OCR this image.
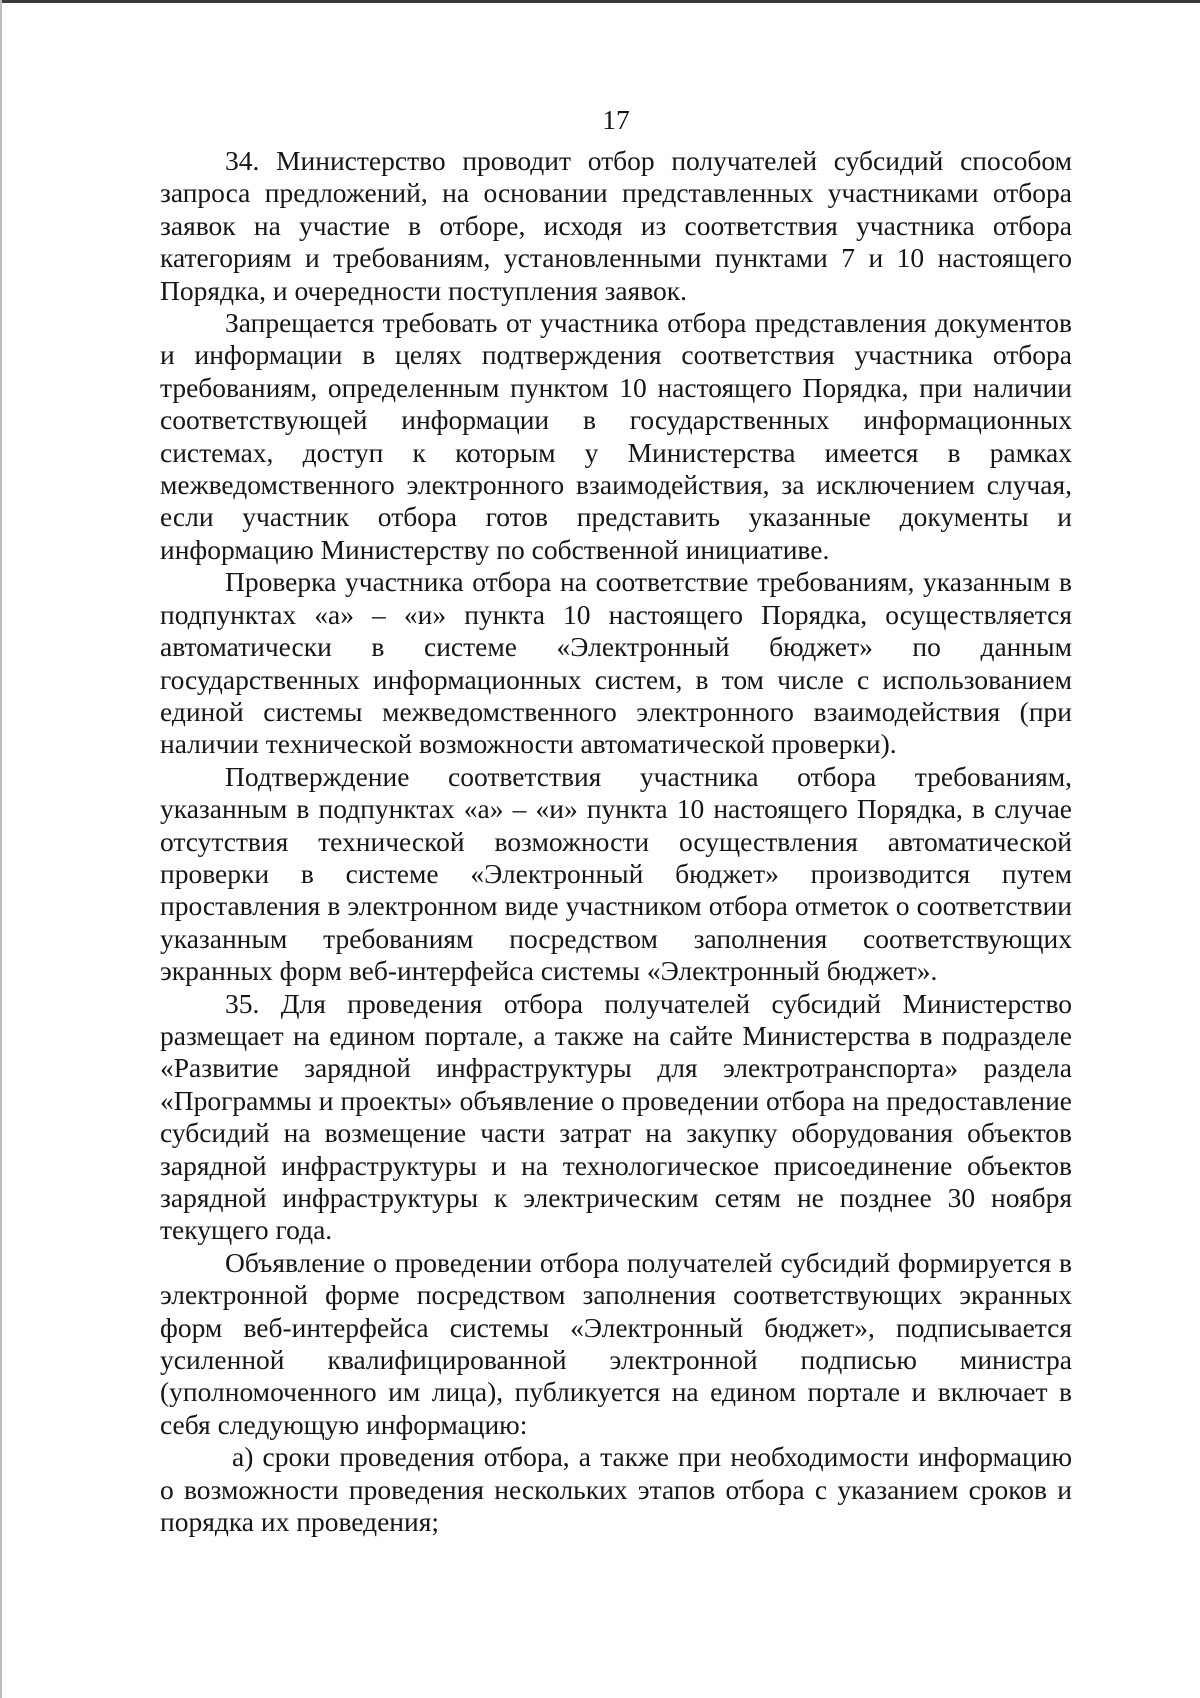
17

34. Министерство проводит отбор получателей субсидий способом запроса предложений, на основании представленных участниками отбора заявок на участие в отборе, исходя из соответствия участника отбора категориям и требованиям, установленными пунктами 7 и 10 настоящего Порядка, и очередности поступления заявок.

Запрещается требовать от участника отбора представления документов и информации в целях подтверждения соответствия участника отбора требованиям, определенным пунктом 10 настоящего Порядка, при наличии соответствующей информации в государственных информационных системах, доступ к которым у Министерства имеется в рамках межведомственного электронного взаимодействия, за исключением случая, если участник отбора готов представить указанные документы и информацию Министерству по собственной инициативе.

Проверка участника отбора на соответствие требованиям, указанным в подпунктах «а» – «и» пункта 10 настоящего Порядка, осуществляется автоматически в системе «Электронный бюджет» по данным государственных информационных систем, в том числе с использованием единой системы межведомственного электронного взаимодействия (при наличии технической возможности автоматической проверки).

Подтверждение соответствия участника отбора требованиям, указанным в подпунктах «а» – «и» пункта 10 настоящего Порядка, в случае отсутствия технической возможности осуществления автоматической проверки в системе «Электронный бюджет» производится путем проставления в электронном виде участником отбора отметок о соответствии указанным требованиям посредством заполнения соответствующих экранных форм веб-интерфейса системы «Электронный бюджет».

35. Для проведения отбора получателей субсидий Министерство размещает на едином портале, а также на сайте Министерства в подразделе «Развитие зарядной инфраструктуры для электротранспорта» раздела «Программы и проекты» объявление о проведении отбора на предоставление субсидий на возмещение части затрат на закупку оборудования объектов зарядной инфраструктуры и на технологическое присоединение объектов зарядной инфраструктуры к электрическим сетям не позднее 30 ноября текущего года.

Объявление о проведении отбора получателей субсидий формируется в электронной форме посредством заполнения соответствующих экранных форм веб-интерфейса системы «Электронный бюджет», подписывается усиленной квалифицированной электронной подписью министра (уполномоченного им лица), публикуется на едином портале и включает в себя следующую информацию:

а) сроки проведения отбора, а также при необходимости информацию о возможности проведения нескольких этапов отбора с указанием сроков и порядка их проведения;
